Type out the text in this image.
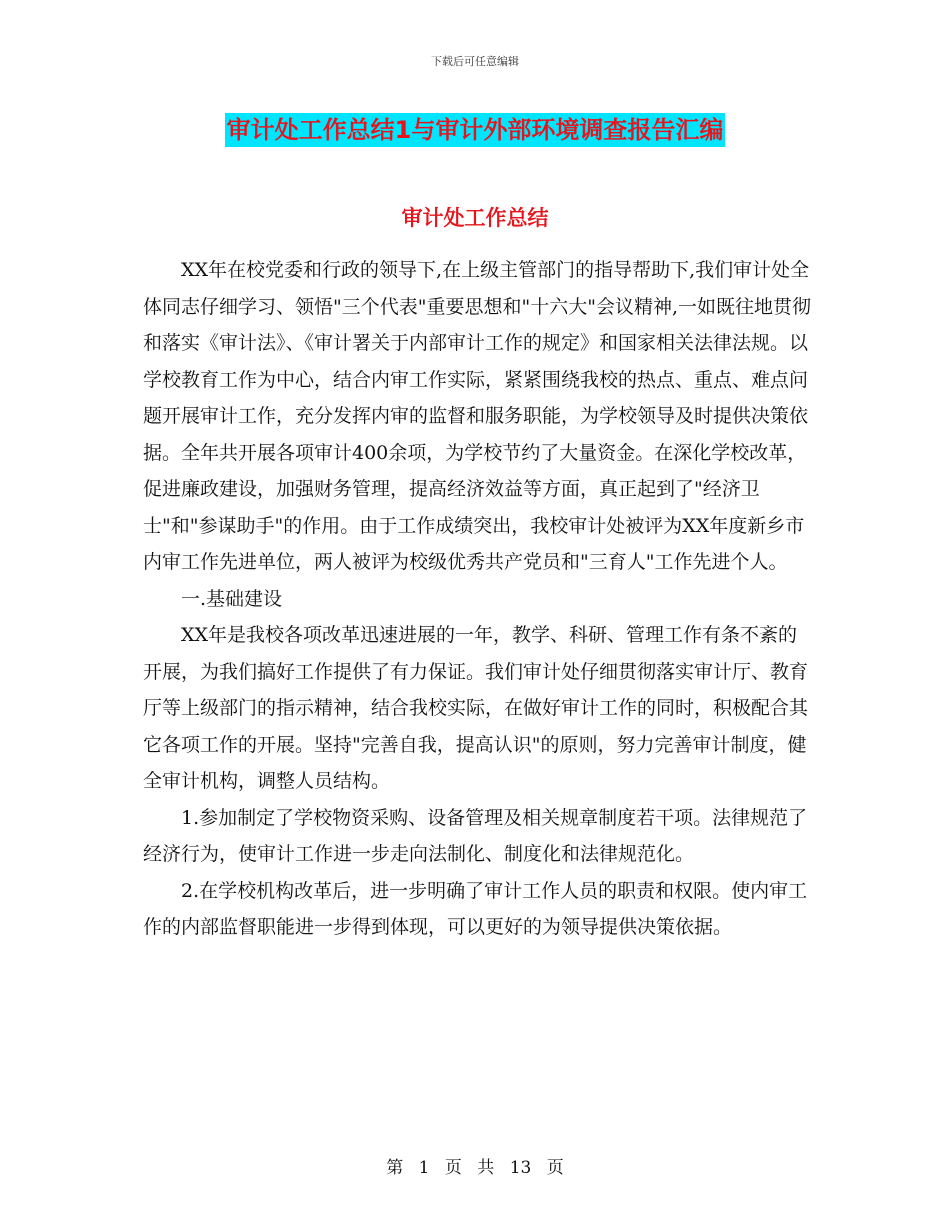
下载后可任意编辑
审计处工作总结1与审计外部环境调查报告汇编
审计处工作总结

XX年在校党委和行政的领导下,在上级主管部门的指导帮助下,我们审计处全体同志仔细学习、领悟"三个代表"重要思想和"十六大"会议精神,一如既往地贯彻和落实《审计法》、《审计署关于内部审计工作的规定》和国家相关法律法规。以学校教育工作为中心，结合内审工作实际，紧紧围绕我校的热点、重点、难点问题开展审计工作，充分发挥内审的监督和服务职能，为学校领导及时提供决策依据。全年共开展各项审计400余项，为学校节约了大量资金。在深化学校改革，促进廉政建设，加强财务管理，提高经济效益等方面，真正起到了"经济卫士"和"参谋助手"的作用。由于工作成绩突出，我校审计处被评为XX年度新乡市内审工作先进单位，两人被评为校级优秀共产党员和"三育人"工作先进个人。

一.基础建设

XX年是我校各项改革迅速进展的一年，教学、科研、管理工作有条不紊的开展，为我们搞好工作提供了有力保证。我们审计处仔细贯彻落实审计厅、教育厅等上级部门的指示精神，结合我校实际，在做好审计工作的同时，积极配合其它各项工作的开展。坚持"完善自我，提高认识"的原则，努力完善审计制度，健全审计机构，调整人员结构。

1.参加制定了学校物资采购、设备管理及相关规章制度若干项。法律规范了经济行为，使审计工作进一步走向法制化、制度化和法律规范化。

2.在学校机构改革后，进一步明确了审计工作人员的职责和权限。使内审工作的内部监督职能进一步得到体现，可以更好的为领导提供决策依据。

第 1 页 共 13 页
